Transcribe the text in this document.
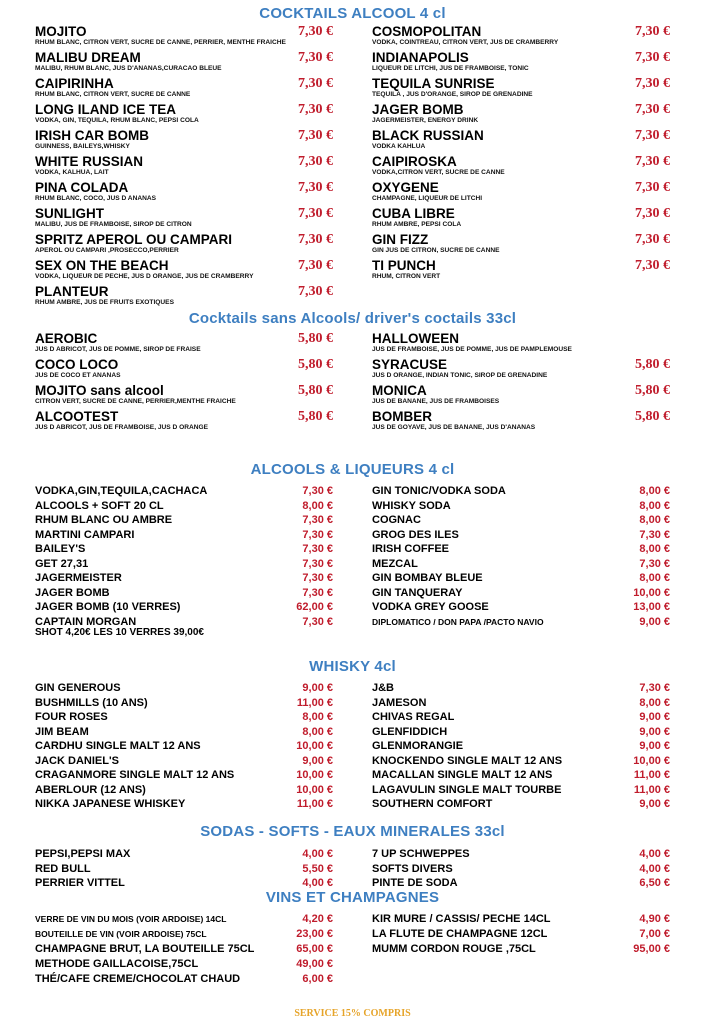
COCKTAILS ALCOOL 4 cl
Cocktails sans Alcools/ driver's coctails 33cl
ALCOOLS & LIQUEURS 4 cl
WHISKY 4cl
SODAS - SOFTS - EAUX MINERALES 33cl
VINS ET CHAMPAGNES
MOJITO
RHUM BLANC, CITRON VERT, SUCRE DE CANNE, PERRIER, MENTHE FRAICHE
7,30 €
MALIBU DREAM
MALIBU, RHUM BLANC, JUS D'ANANAS,CURACAO BLEUE
7,30 €
CAIPIRINHA
RHUM BLANC, CITRON VERT, SUCRE DE CANNE
7,30 €
LONG ILAND ICE TEA
VODKA, GIN, TEQUILA, RHUM BLANC, PEPSI COLA
7,30 €
IRISH CAR BOMB
GUINNESS, BAILEYS,WHISKY
7,30 €
WHITE RUSSIAN
VODKA, KALHUA, LAIT
7,30 €
PINA COLADA
RHUM BLANC, COCO, JUS D ANANAS
7,30 €
SUNLIGHT
MALIBU, JUS DE FRAMBOISE, SIROP DE CITRON
7,30 €
SPRITZ APEROL OU CAMPARI
APEROL OU CAMPARI ,PROSECCO,PERRIER
7,30 €
SEX ON THE BEACH
VODKA, LIQUEUR DE PECHE, JUS D ORANGE, JUS DE CRAMBERRY
7,30 €
PLANTEUR
RHUM AMBRE, JUS DE FRUITS EXOTIQUES
7,30 €
COSMOPOLITAN
VODKA, COINTREAU, CITRON VERT, JUS DE CRAMBERRY
7,30 €
INDIANAPOLIS
LIQUEUR DE LITCHI, JUS DE FRAMBOISE, TONIC
7,30 €
TEQUILA SUNRISE
TEQUILA , JUS D'ORANGE, SIROP DE GRENADINE
7,30 €
JAGER BOMB
JAGERMEISTER, ENERGY DRINK
7,30 €
BLACK RUSSIAN
VODKA KAHLUA
7,30 €
CAIPIROSKA
VODKA,CITRON VERT, SUCRE DE CANNE
7,30 €
OXYGENE
CHAMPAGNE, LIQUEUR DE LITCHI
7,30 €
CUBA LIBRE
RHUM AMBRE, PEPSI COLA
7,30 €
GIN FIZZ
GIN JUS DE CITRON, SUCRE DE CANNE
7,30 €
TI PUNCH
RHUM, CITRON VERT
7,30 €
AEROBIC
JUS D ABRICOT, JUS DE POMME, SIROP DE FRAISE
5,80 €
COCO LOCO
JUS DE COCO ET ANANAS
5,80 €
MOJITO sans alcool
CITRON VERT, SUCRE DE CANNE, PERRIER,MENTHE FRAICHE
5,80 €
ALCOOTEST
JUS D ABRICOT, JUS DE FRAMBOISE, JUS D ORANGE
5,80 €
HALLOWEEN
JUS DE FRAMBOISE, JUS DE POMME, JUS DE PAMPLEMOUSE
SYRACUSE
JUS D ORANGE, INDIAN TONIC, SIROP DE GRENADINE
5,80 €
MONICA
JUS DE BANANE, JUS DE FRAMBOISES
5,80 €
BOMBER
JUS DE GOYAVE, JUS DE BANANE, JUS D'ANANAS
5,80 €
VODKA,GIN,TEQUILA,CACHACA	7,30 €
ALCOOLS + SOFT 20 CL	8,00 €
RHUM BLANC OU AMBRE	7,30 €
MARTINI CAMPARI	7,30 €
BAILEY'S	7,30 €
GET 27,31	7,30 €
JAGERMEISTER	7,30 €
JAGER BOMB	7,30 €
JAGER BOMB (10 VERRES)	62,00 €
CAPTAIN MORGAN	7,30 €
GIN TONIC/VODKA SODA	8,00 €
WHISKY SODA	8,00 €
COGNAC	8,00 €
GROG DES ILES	7,30 €
IRISH COFFEE	8,00 €
MEZCAL	7,30 €
GIN BOMBAY BLEUE	8,00 €
GIN TANQUERAY	10,00 €
VODKA GREY GOOSE	13,00 €
DIPLOMATICO / DON PAPA /PACTO NAVIO	9,00 €
GIN GENEROUS	9,00 €
BUSHMILLS (10 ANS)	11,00 €
FOUR ROSES	8,00 €
JIM BEAM	8,00 €
CARDHU SINGLE MALT 12 ANS	10,00 €
JACK DANIEL'S	9,00 €
CRAGANMORE SINGLE MALT 12 ANS	10,00 €
ABERLOUR (12 ANS)	10,00 €
NIKKA JAPANESE WHISKEY	11,00 €
J&B	7,30 €
JAMESON	8,00 €
CHIVAS REGAL	9,00 €
GLENFIDDICH	9,00 €
GLENMORANGIE	9,00 €
KNOCKENDO SINGLE MALT 12 ANS	10,00 €
MACALLAN SINGLE MALT 12 ANS	11,00 €
LAGAVULIN SINGLE MALT TOURBE	11,00 €
SOUTHERN COMFORT	9,00 €
PEPSI,PEPSI MAX	4,00 €
RED BULL	5,50 €
PERRIER VITTEL	4,00 €
7 UP SCHWEPPES	4,00 €
SOFTS DIVERS	4,00 €
PINTE DE SODA	6,50 €
VERRE DE VIN DU MOIS (VOIR ARDOISE) 14CL	4,20 €
BOUTEILLE DE VIN (VOIR ARDOISE) 75CL	23,00 €
CHAMPAGNE BRUT, LA BOUTEILLE 75CL	65,00 €
METHODE GAILLACOISE,75CL	49,00 €
THÉ/CAFE CREME/CHOCOLAT CHAUD	6,00 €
KIR MURE / CASSIS/ PECHE 14CL	4,90 €
LA FLUTE DE CHAMPAGNE 12CL	7,00 €
MUMM CORDON ROUGE ,75CL	95,00 €
SHOT 4,20€ LES 10 VERRES 39,00€
SERVICE 15% COMPRIS
